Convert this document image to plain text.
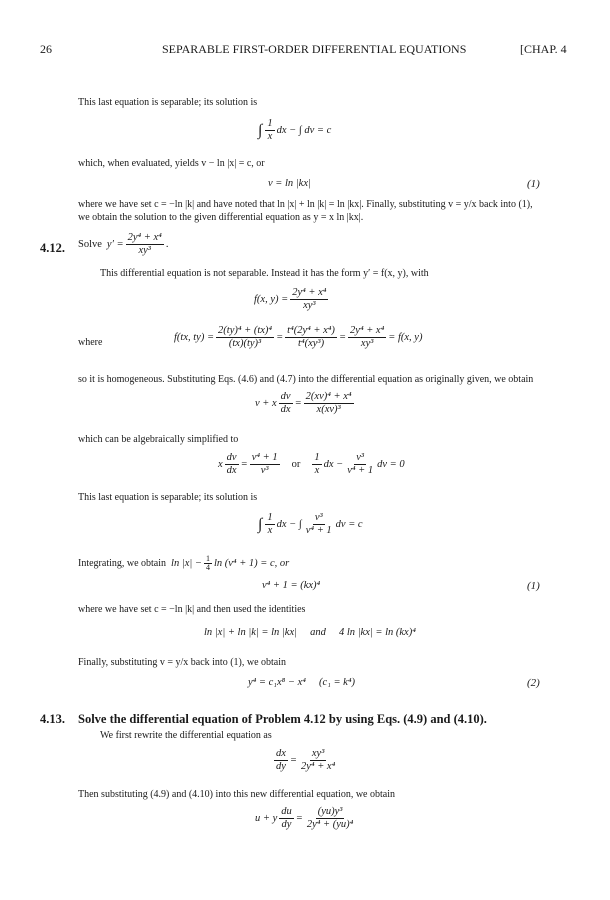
26	SEPARABLE FIRST-ORDER DIFFERENTIAL EQUATIONS	[CHAP. 4
This last equation is separable; its solution is
∫ $\frac{1}{x}$ dx − ∫ dv = c
which, when evaluated, yields v − ln |x| = c, or
v = ln |kx|	(1)
where we have set c = −ln |k| and have noted that ln |x| + ln |k| = ln |kx|. Finally, substituting v = y/x back into (1),
we obtain the solution to the given differential equation as y = x ln |kx|.
4.12. Solve $y' = \frac{\text{2y⁴ + x⁴}}{\text{xy³}}$ .
This differential equation is not separable. Instead it has the form y′ = f(x, y), with
f(x, $y) = \frac{\text{2y⁴ + x⁴}}{\text{xy³}}$
where	f(tx, $ty) = \frac{\text{2(ty)⁴ + (tx)⁴}}{\text{(tx)(ty)³}} = \frac{\text{t⁴(2y⁴ + x⁴)}}{\text{t⁴(xy³)}} = \frac{\text{2y⁴ + x⁴}}{\text{xy³}} = f(x$, y)
so it is homogeneous. Substituting Eqs. (4.6) and (4.7) into the differential equation as originally given, we obtain
v + x $\frac{dv}{dx} = \frac{\text{2(xv)⁴ + x⁴}}{\text{x(xv)³}}$
which can be algebraically simplified to
x $\frac{dv}{dx} = \frac{\text{v⁴ + 1}}{\text{v³}}$ or $\frac{1}{x}$ dx − $\frac{\text{v³}}{\text{v⁴ + 1}}$ dv = 0
This last equation is separable; its solution is
∫ $\frac{1}{x}$ dx − ∫ $\frac{\text{v³}}{\text{v⁴ + 1}}$ dv = c
Integrating, we obtain $\ln |x| - \frac{1}{4}$ ln (v⁴ + 1) = c, or
v⁴ + 1 = (kx)⁴	(1)
where we have set c = −ln |k| and then used the identities
ln |x| + ln |k| = ln |kx|     and     4 ln |kx| = ln (kx)⁴
Finally, substituting v = y/x back into (1), we obtain
y⁴ = c₁x⁸ − x⁴     (c₁ = k⁴)	(2)
4.13. Solve the differential equation of Problem 4.12 by using Eqs. (4.9) and (4.10).
We first rewrite the differential equation as
$\frac{dx}{dy} = \frac{\text{xy³}}{\text{2y⁴ + x⁴}}$
Then substituting (4.9) and (4.10) into this new differential equation, we obtain
u + y $\frac{du}{dy} = \frac{\text{(yu)y³}}{\text{2y⁴ + (yu)⁴}}$
